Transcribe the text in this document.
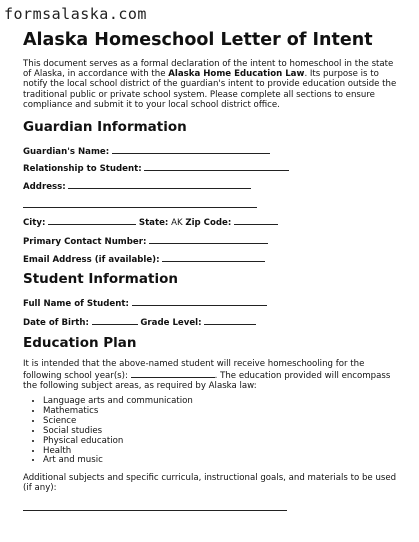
formsalaska.com
Alaska Homeschool Letter of Intent

This document serves as a formal declaration of the intent to homeschool in the state of Alaska, in accordance with the Alaska Home Education Law. Its purpose is to notify the local school district of the guardian's intent to provide education outside the traditional public or private school system. Please complete all sections to ensure compliance and submit it to your local school district office.

Guardian Information
Guardian's Name:
Relationship to Student:
Address:
City:	State: AK Zip Code:
Primary Contact Number:
Email Address (if available):
Student Information
Full Name of Student:
Date of Birth:	Grade Level:
Education Plan

It is intended that the above-named student will receive homeschooling for the following school year(s):	. The education provided will encompass the following subject areas, as required by Alaska law:

• Language arts and communication
• Mathematics
• Science
• Social studies
• Physical education
• Health
• Art and music

Additional subjects and specific curricula, instructional goals, and materials to be used (if any):
